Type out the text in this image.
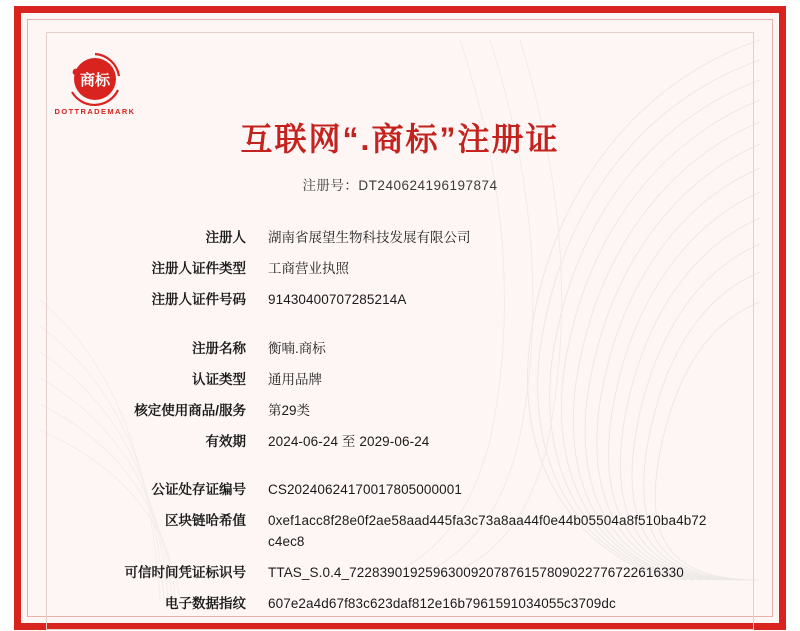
商标
DOTTRADEMARK
互联网“.商标”注册证
注册号：DT240624196197874
注册人	湖南省展望生物科技发展有限公司
注册人证件类型	工商营业执照
注册人证件号码	91430400707285214A
注册名称	衡喃.商标
认证类型	通用品牌
核定使用商品/服务	第29类
有效期	2024-06-24 至 2029-06-24
公证处存证编号	CS20240624170017805000001
区块链哈希值	0xef1acc8f28e0f2ae58aad445fa3c73a8aa44f0e44b05504a8f510ba4b72c4ec8
可信时间凭证标识号	TTAS_S.0.4_72283901925963009207876157809022776722616330
电子数据指纹	607e2a4d67f83c623daf812e16b7961591034055c3709dc
